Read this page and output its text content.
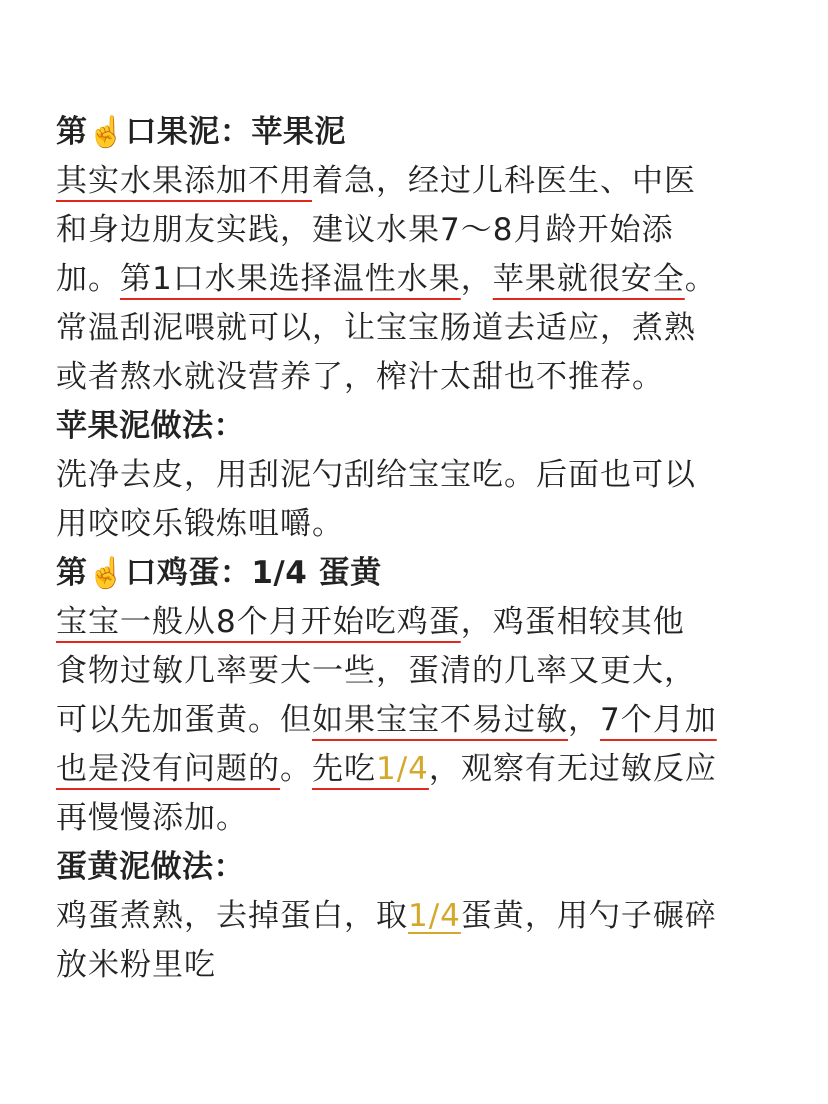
第☝️口果泥：苹果泥
其实水果添加不用着急，经过儿科医生、中医
和身边朋友实践，建议水果7～8月龄开始添
加。第1口水果选择温性水果，苹果就很安全。
常温刮泥喂就可以，让宝宝肠道去适应，煮熟
或者熬水就没营养了，榨汁太甜也不推荐。
苹果泥做法：
洗净去皮，用刮泥勺刮给宝宝吃。后面也可以
用咬咬乐锻炼咀嚼。
第☝️口鸡蛋：1/4 蛋黄
宝宝一般从8个月开始吃鸡蛋，鸡蛋相较其他
食物过敏几率要大一些，蛋清的几率又更大，
可以先加蛋黄。但如果宝宝不易过敏，7个月加
也是没有问题的。先吃1/4，观察有无过敏反应
再慢慢添加。
蛋黄泥做法：
鸡蛋煮熟，去掉蛋白，取1/4蛋黄，用勺子碾碎
放米粉里吃
